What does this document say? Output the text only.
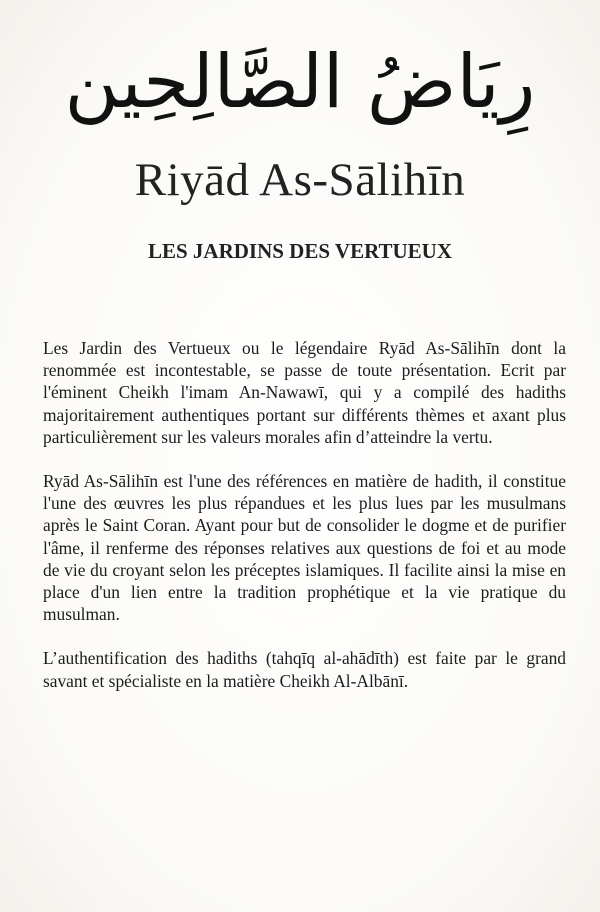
رِيَاضُ الصَّالِحِين
Riyād As-Sālihīn
LES JARDINS DES VERTUEUX

Les Jardin des Vertueux ou le légendaire Ryād As-Sālihīn dont la renommée est incontestable, se passe de toute présentation. Ecrit par l'éminent Cheikh l'imam An-Nawawī, qui y a compilé des hadiths majoritairement authentiques portant sur différents thèmes et axant plus particulièrement sur les valeurs morales afin d’atteindre la vertu.

Ryād As-Sālihīn est l'une des références en matière de hadith, il constitue l'une des œuvres les plus répandues et les plus lues par les musulmans après le Saint Coran. Ayant pour but de consolider le dogme et de purifier l'âme, il renferme des réponses relatives aux questions de foi et au mode de vie du croyant selon les préceptes islamiques. Il facilite ainsi la mise en place d'un lien entre la tradition prophétique et la vie pratique du musulman.

L’authentification des hadiths (tahqīq al-ahādīth) est faite par le grand savant et spécialiste en la matière Cheikh Al-Albānī.
